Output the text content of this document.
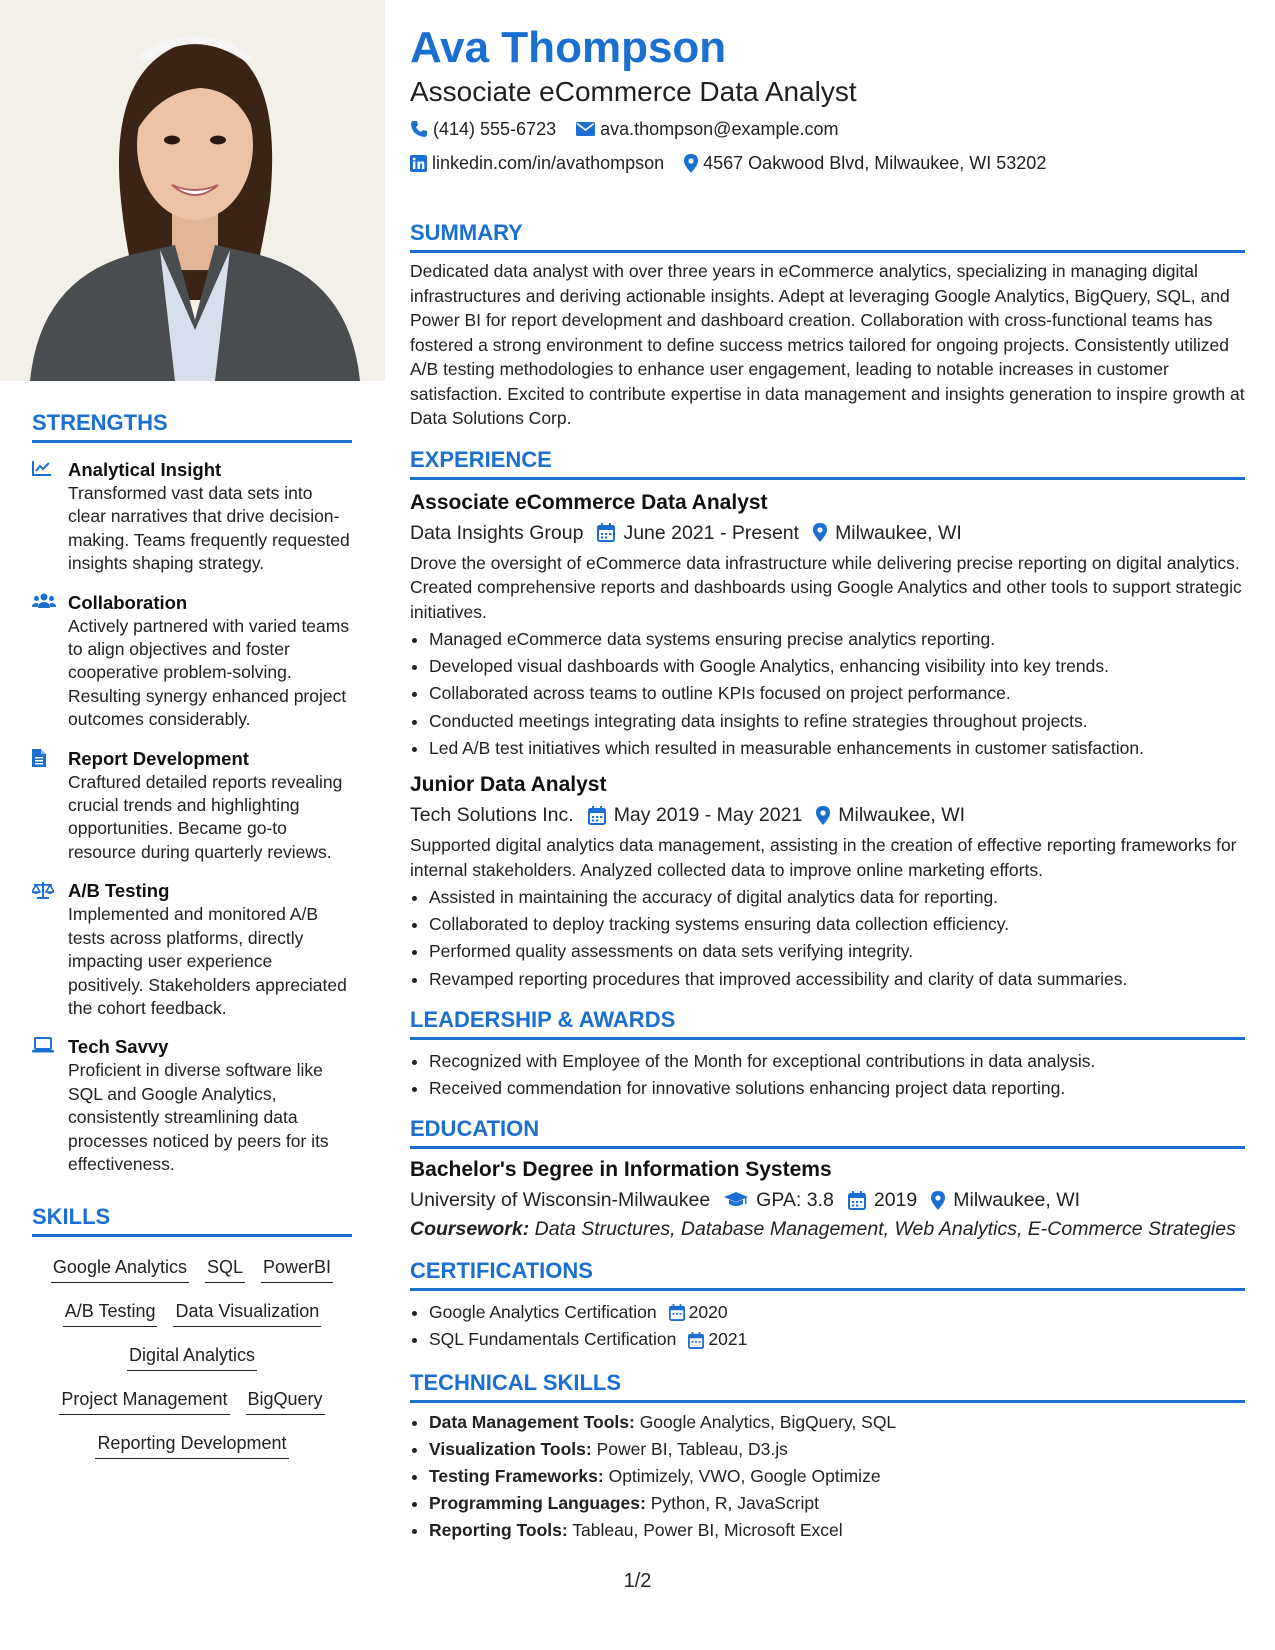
STRENGTHS
Analytical Insight
Transformed vast data sets into clear narratives that drive decision-making. Teams frequently requested insights shaping strategy.
Collaboration
Actively partnered with varied teams to align objectives and foster cooperative problem-solving. Resulting synergy enhanced project outcomes considerably.
Report Development
Craftured detailed reports revealing crucial trends and highlighting opportunities. Became go-to resource during quarterly reviews.
A/B Testing
Implemented and monitored A/B tests across platforms, directly impacting user experience positively. Stakeholders appreciated the cohort feedback.
Tech Savvy
Proficient in diverse software like SQL and Google Analytics, consistently streamlining data processes noticed by peers for its effectiveness.
SKILLS
Google Analytics SQL PowerBI
A/B Testing Data Visualization
Digital Analytics
Project Management BigQuery
Reporting Development
Ava Thompson
Associate eCommerce Data Analyst
(414) 555-6723 ava.thompson@example.com
linkedin.com/in/avathompson 4567 Oakwood Blvd, Milwaukee, WI 53202
SUMMARY
Dedicated data analyst with over three years in eCommerce analytics, specializing in managing digital infrastructures and deriving actionable insights. Adept at leveraging Google Analytics, BigQuery, SQL, and Power BI for report development and dashboard creation. Collaboration with cross-functional teams has fostered a strong environment to define success metrics tailored for ongoing projects. Consistently utilized A/B testing methodologies to enhance user engagement, leading to notable increases in customer satisfaction. Excited to contribute expertise in data management and insights generation to inspire growth at Data Solutions Corp.
EXPERIENCE
Associate eCommerce Data Analyst
Data Insights Group June 2021 - Present Milwaukee, WI
Drove the oversight of eCommerce data infrastructure while delivering precise reporting on digital analytics. Created comprehensive reports and dashboards using Google Analytics and other tools to support strategic initiatives.
• Managed eCommerce data systems ensuring precise analytics reporting.
• Developed visual dashboards with Google Analytics, enhancing visibility into key trends.
• Collaborated across teams to outline KPIs focused on project performance.
• Conducted meetings integrating data insights to refine strategies throughout projects.
• Led A/B test initiatives which resulted in measurable enhancements in customer satisfaction.
Junior Data Analyst
Tech Solutions Inc. May 2019 - May 2021 Milwaukee, WI
Supported digital analytics data management, assisting in the creation of effective reporting frameworks for internal stakeholders. Analyzed collected data to improve online marketing efforts.
• Assisted in maintaining the accuracy of digital analytics data for reporting.
• Collaborated to deploy tracking systems ensuring data collection efficiency.
• Performed quality assessments on data sets verifying integrity.
• Revamped reporting procedures that improved accessibility and clarity of data summaries.
LEADERSHIP & AWARDS
• Recognized with Employee of the Month for exceptional contributions in data analysis.
• Received commendation for innovative solutions enhancing project data reporting.
EDUCATION
Bachelor's Degree in Information Systems
University of Wisconsin-Milwaukee GPA: 3.8 2019 Milwaukee, WI
Coursework: Data Structures, Database Management, Web Analytics, E-Commerce Strategies
CERTIFICATIONS
• Google Analytics Certification 2020
• SQL Fundamentals Certification 2021
TECHNICAL SKILLS
• Data Management Tools: Google Analytics, BigQuery, SQL
• Visualization Tools: Power BI, Tableau, D3.js
• Testing Frameworks: Optimizely, VWO, Google Optimize
• Programming Languages: Python, R, JavaScript
• Reporting Tools: Tableau, Power BI, Microsoft Excel
1/2
